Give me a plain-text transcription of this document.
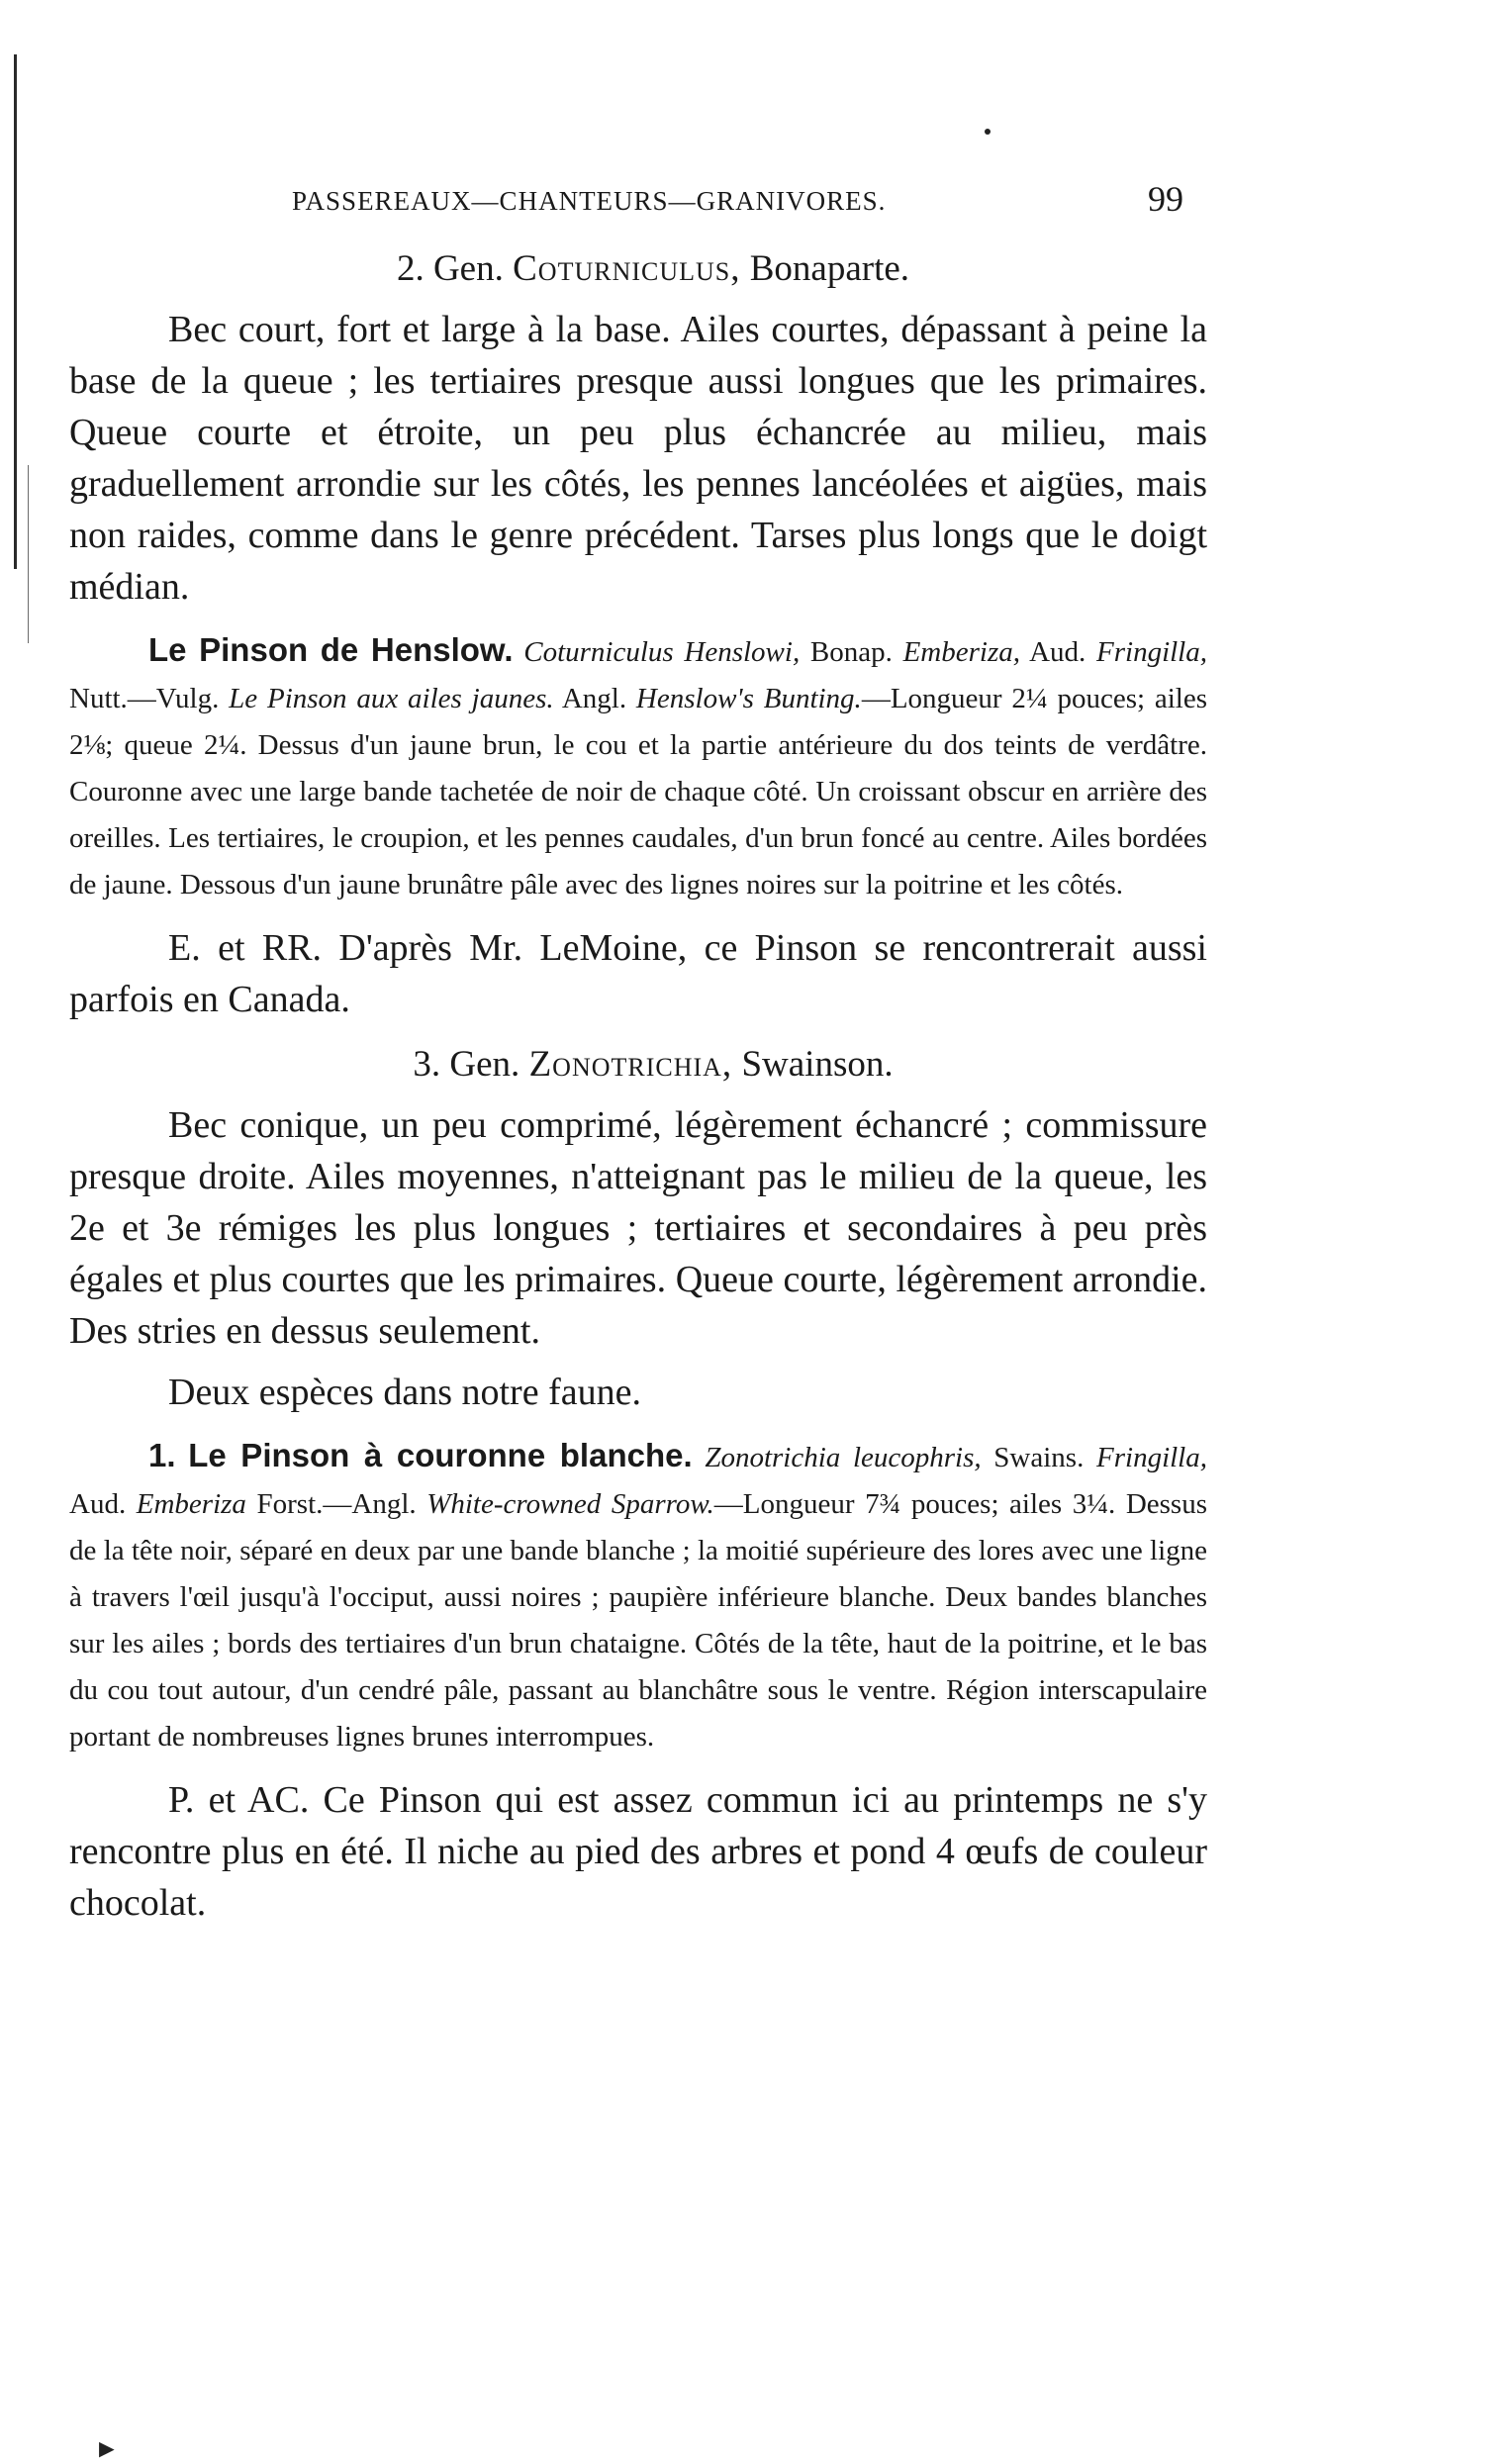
►
PASSEREAUX—CHANTEURS—GRANIVORES.	99
2. Gen. Coturniculus, Bonaparte.

Bec court, fort et large à la base. Ailes courtes, dépassant à peine la base de la queue ; les tertiaires presque aussi longues que les primaires. Queue courte et étroite, un peu plus échancrée au milieu, mais graduellement arrondie sur les côtés, les pennes lancéolées et aigües, mais non raides, comme dans le genre précédent. Tarses plus longs que le doigt médian.

Le Pinson de Henslow. Coturniculus Henslowi, Bonap. Emberiza, Aud. Fringilla, Nutt.—Vulg. Le Pinson aux ailes jaunes. Angl. Henslow's Bunting.—Longueur 2¼ pouces; ailes 2⅛; queue 2¼. Dessus d'un jaune brun, le cou et la partie antérieure du dos teints de verdâtre. Couronne avec une large bande tachetée de noir de chaque côté. Un croissant obscur en arrière des oreilles. Les tertiaires, le croupion, et les pennes caudales, d'un brun foncé au centre. Ailes bordées de jaune. Dessous d'un jaune brunâtre pâle avec des lignes noires sur la poitrine et les côtés.

E. et RR. D'après Mr. LeMoine, ce Pinson se rencontrerait aussi parfois en Canada.

3. Gen. Zonotrichia, Swainson.

Bec conique, un peu comprimé, légèrement échancré ; commissure presque droite. Ailes moyennes, n'atteignant pas le milieu de la queue, les 2e et 3e rémiges les plus longues ; tertiaires et secondaires à peu près égales et plus courtes que les primaires. Queue courte, légèrement arrondie. Des stries en dessus seulement.

Deux espèces dans notre faune.

1. Le Pinson à couronne blanche. Zonotrichia leucophris, Swains. Fringilla, Aud. Emberiza Forst.—Angl. White-crowned Sparrow.—Longueur 7¾ pouces; ailes 3¼. Dessus de la tête noir, séparé en deux par une bande blanche ; la moitié supérieure des lores avec une ligne à travers l'œil jusqu'à l'occiput, aussi noires ; paupière inférieure blanche. Deux bandes blanches sur les ailes ; bords des tertiaires d'un brun chataigne. Côtés de la tête, haut de la poitrine, et le bas du cou tout autour, d'un cendré pâle, passant au blanchâtre sous le ventre. Région interscapulaire portant de nombreuses lignes brunes interrompues.

P. et AC. Ce Pinson qui est assez commun ici au printemps ne s'y rencontre plus en été. Il niche au pied des arbres et pond 4 œufs de couleur chocolat.
